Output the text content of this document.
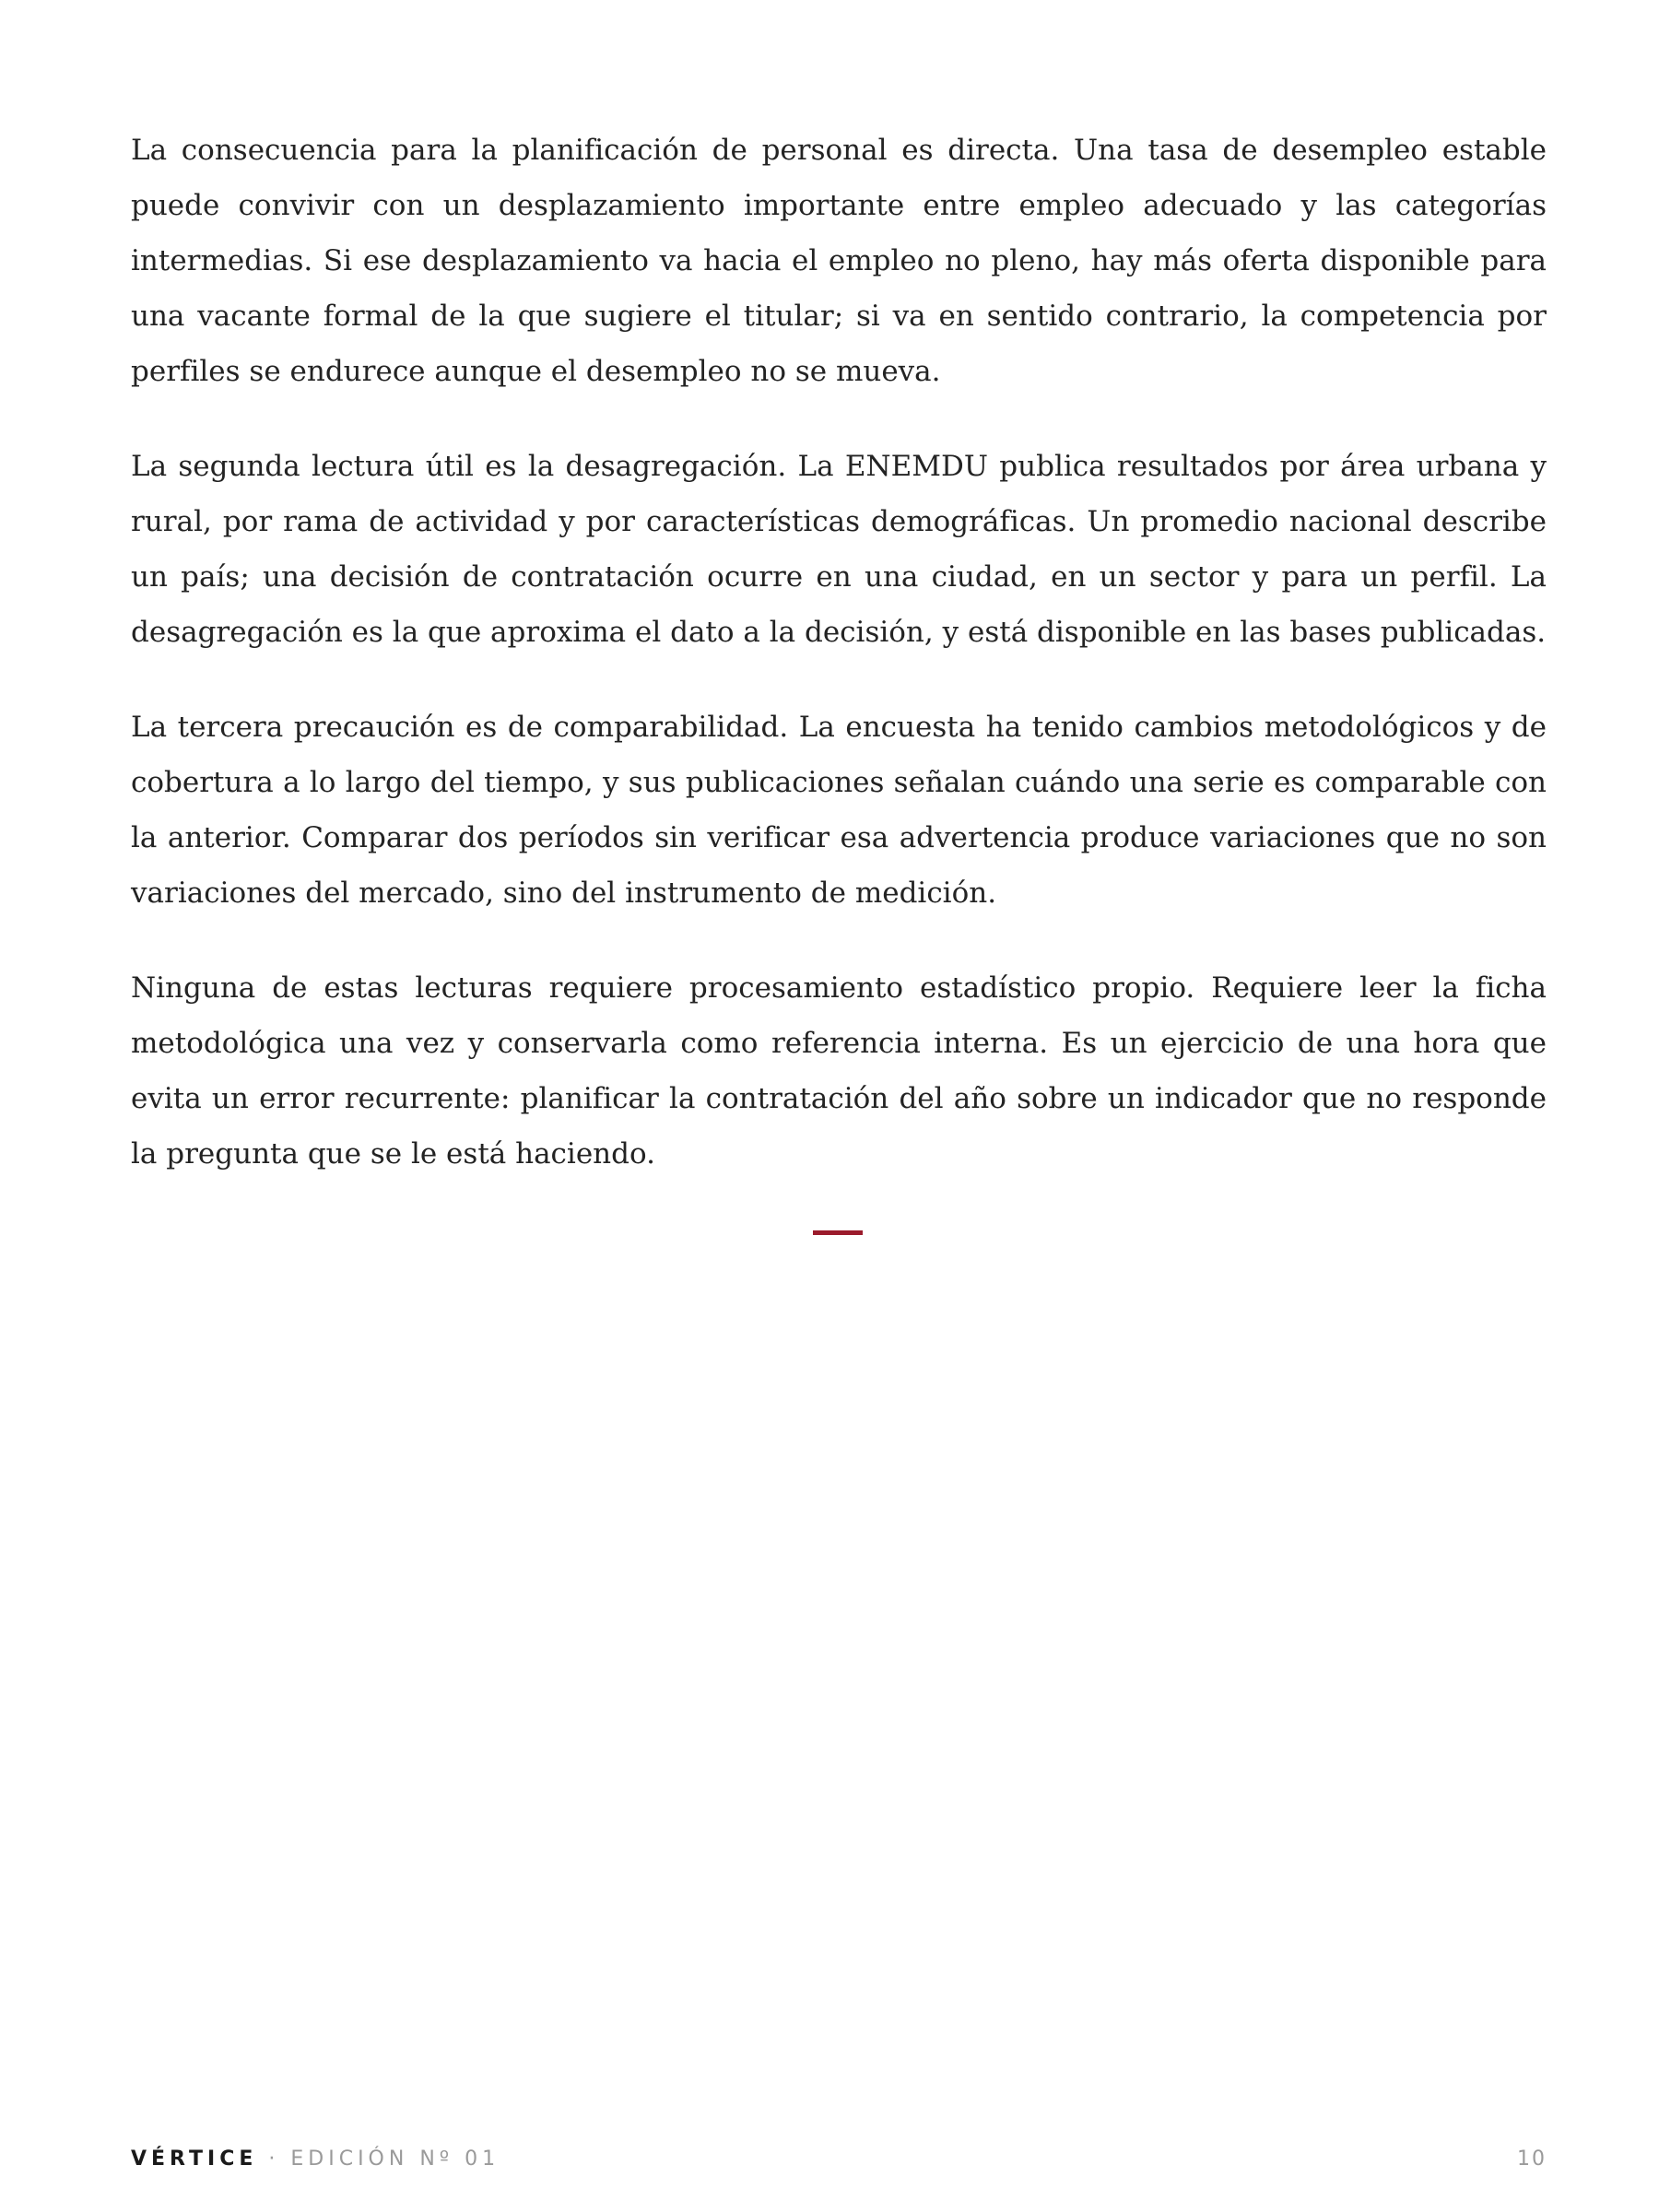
La consecuencia para la planificación de personal es directa. Una tasa de desempleo estable puede convivir con un desplazamiento importante entre empleo adecuado y las categorías intermedias. Si ese desplazamiento va hacia el empleo no pleno, hay más oferta disponible para una vacante formal de la que sugiere el titular; si va en sentido contrario, la competencia por perfiles se endurece aunque el desempleo no se mueva.

La segunda lectura útil es la desagregación. La ENEMDU publica resultados por área urbana y rural, por rama de actividad y por características demográficas. Un promedio nacional describe un país; una decisión de contratación ocurre en una ciudad, en un sector y para un perfil. La desagregación es la que aproxima el dato a la decisión, y está disponible en las bases publicadas.

La tercera precaución es de comparabilidad. La encuesta ha tenido cambios metodológicos y de cobertura a lo largo del tiempo, y sus publicaciones señalan cuándo una serie es comparable con la anterior. Comparar dos períodos sin verificar esa advertencia produce variaciones que no son variaciones del mercado, sino del instrumento de medición.

Ninguna de estas lecturas requiere procesamiento estadístico propio. Requiere leer la ficha metodológica una vez y conservarla como referencia interna. Es un ejercicio de una hora que evita un error recurrente: planificar la contratación del año sobre un indicador que no responde la pregunta que se le está haciendo.

VÉRTICE · EDICIÓN Nº 01	10
